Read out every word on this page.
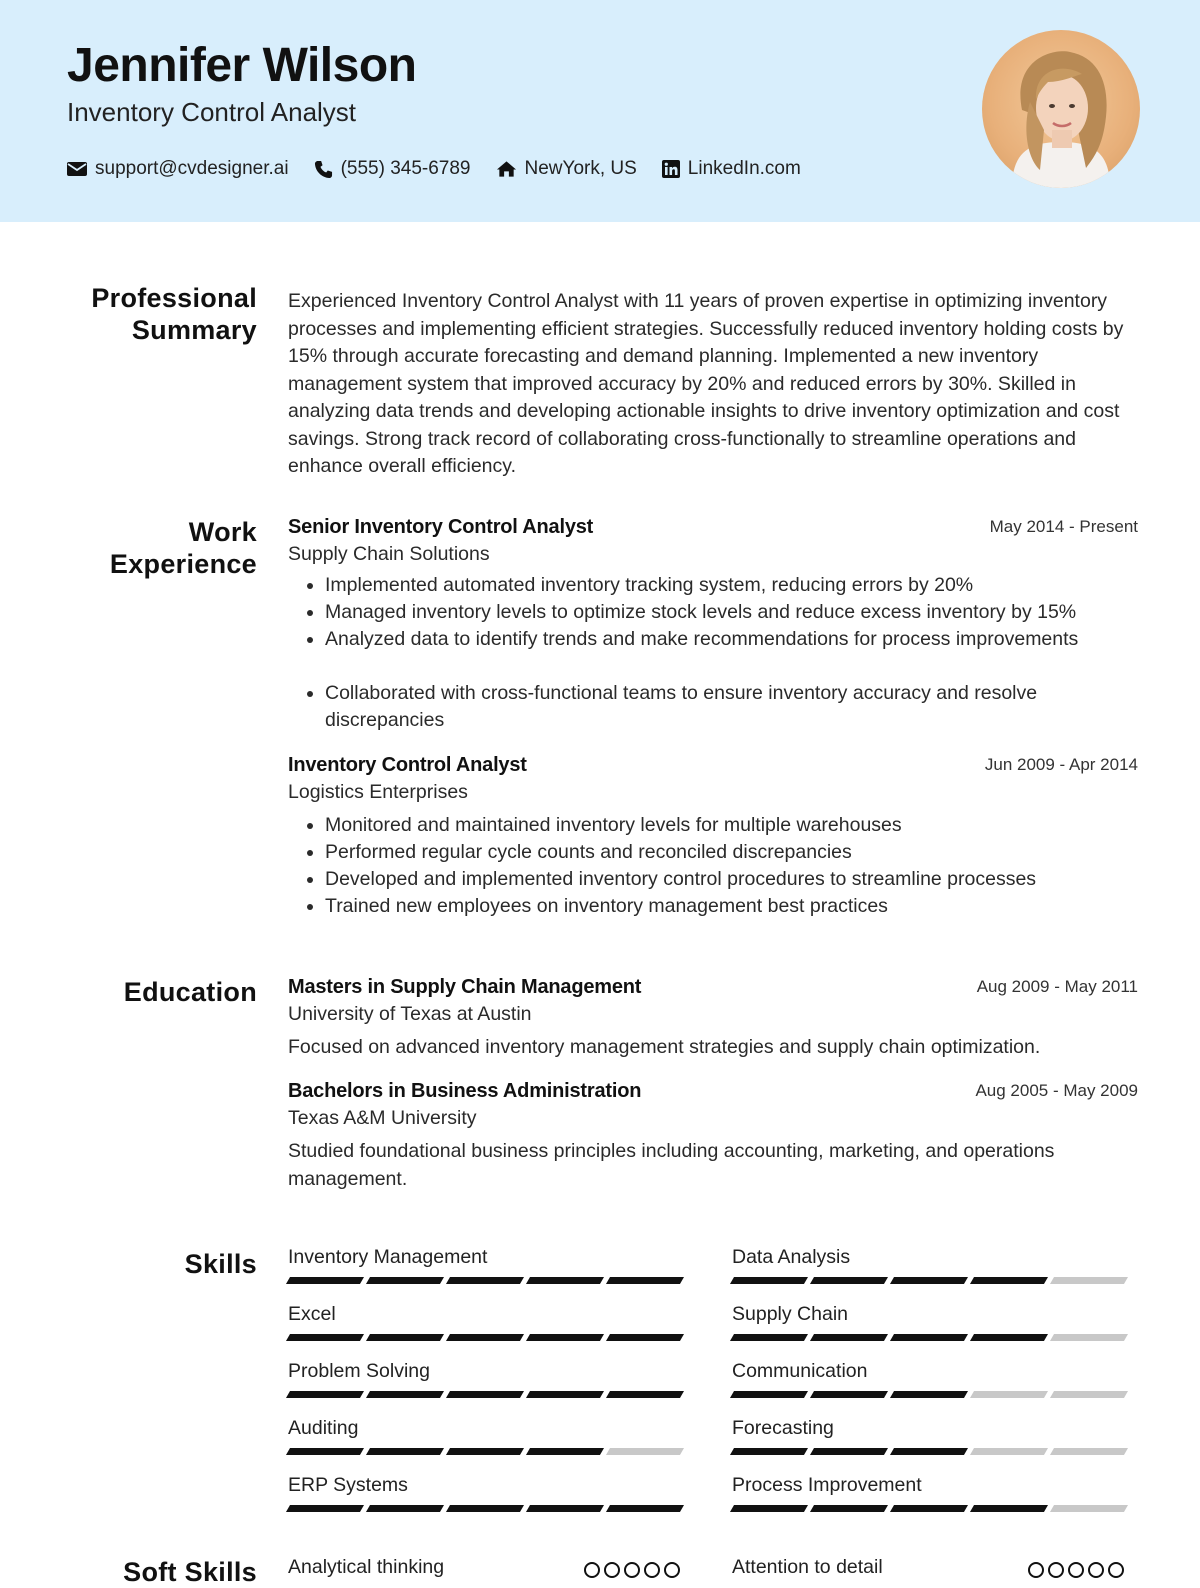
Jennifer Wilson
Inventory Control Analyst
support@cvdesigner.ai	(555) 345-6789	NewYork, US	LinkedIn.com
Professional Summary
Experienced Inventory Control Analyst with 11 years of proven expertise in optimizing inventory processes and implementing efficient strategies. Successfully reduced inventory holding costs by 15% through accurate forecasting and demand planning. Implemented a new inventory management system that improved accuracy by 20% and reduced errors by 30%. Skilled in analyzing data trends and developing actionable insights to drive inventory optimization and cost savings. Strong track record of collaborating cross-functionally to streamline operations and enhance overall efficiency.
Work Experience
Senior Inventory Control Analyst	May 2014 - Present
Supply Chain Solutions
• Implemented automated inventory tracking system, reducing errors by 20%
• Managed inventory levels to optimize stock levels and reduce excess inventory by 15%
• Analyzed data to identify trends and make recommendations for process improvements
• Collaborated with cross-functional teams to ensure inventory accuracy and resolve discrepancies
Inventory Control Analyst	Jun 2009 - Apr 2014
Logistics Enterprises
• Monitored and maintained inventory levels for multiple warehouses
• Performed regular cycle counts and reconciled discrepancies
• Developed and implemented inventory control procedures to streamline processes
• Trained new employees on inventory management best practices
Education Masters in Supply Chain Management	Aug 2009 - May 2011
University of Texas at Austin
Focused on advanced inventory management strategies and supply chain optimization.
Bachelors in Business Administration	Aug 2005 - May 2009
Texas A&M University
Studied foundational business principles including accounting, marketing, and operations management.
Skills Inventory Management	Data Analysis
Excel	Supply Chain
Problem Solving	Communication
Auditing	Forecasting
ERP Systems	Process Improvement
Soft Skills Analytical thinking	Attention to detail
